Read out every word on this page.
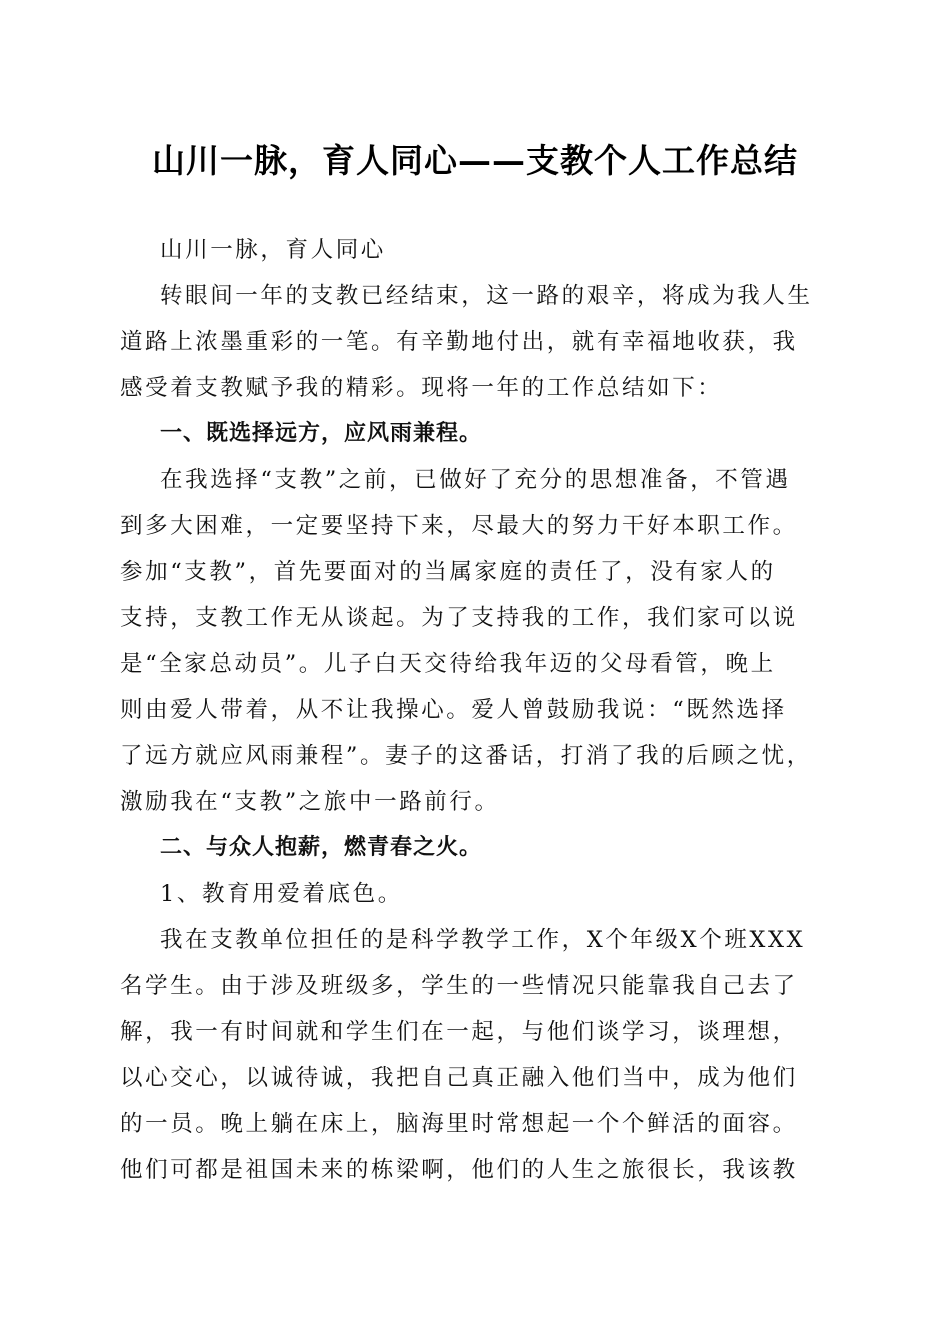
山川一脉，育人同心——支教个人工作总结
山川一脉，育人同心
转眼间一年的支教已经结束，这一路的艰辛，将成为我人生
道路上浓墨重彩的一笔。有辛勤地付出，就有幸福地收获，我
感受着支教赋予我的精彩。现将一年的工作总结如下：
一、既选择远方，应风雨兼程。
在我选择“支教”之前，已做好了充分的思想准备，不管遇
到多大困难，一定要坚持下来，尽最大的努力干好本职工作。
参加“支教”，首先要面对的当属家庭的责任了，没有家人的
支持，支教工作无从谈起。为了支持我的工作，我们家可以说
是“全家总动员”。儿子白天交待给我年迈的父母看管，晚上
则由爱人带着，从不让我操心。爱人曾鼓励我说：“既然选择
了远方就应风雨兼程”。妻子的这番话，打消了我的后顾之忧，
激励我在“支教”之旅中一路前行。
二、与众人抱薪，燃青春之火。
1、教育用爱着底色。
我在支教单位担任的是科学教学工作，X个年级X个班XXX
名学生。由于涉及班级多，学生的一些情况只能靠我自己去了
解，我一有时间就和学生们在一起，与他们谈学习，谈理想，
以心交心，以诚待诚，我把自己真正融入他们当中，成为他们
的一员。晚上躺在床上，脑海里时常想起一个个鲜活的面容。
他们可都是祖国未来的栋梁啊，他们的人生之旅很长，我该教
